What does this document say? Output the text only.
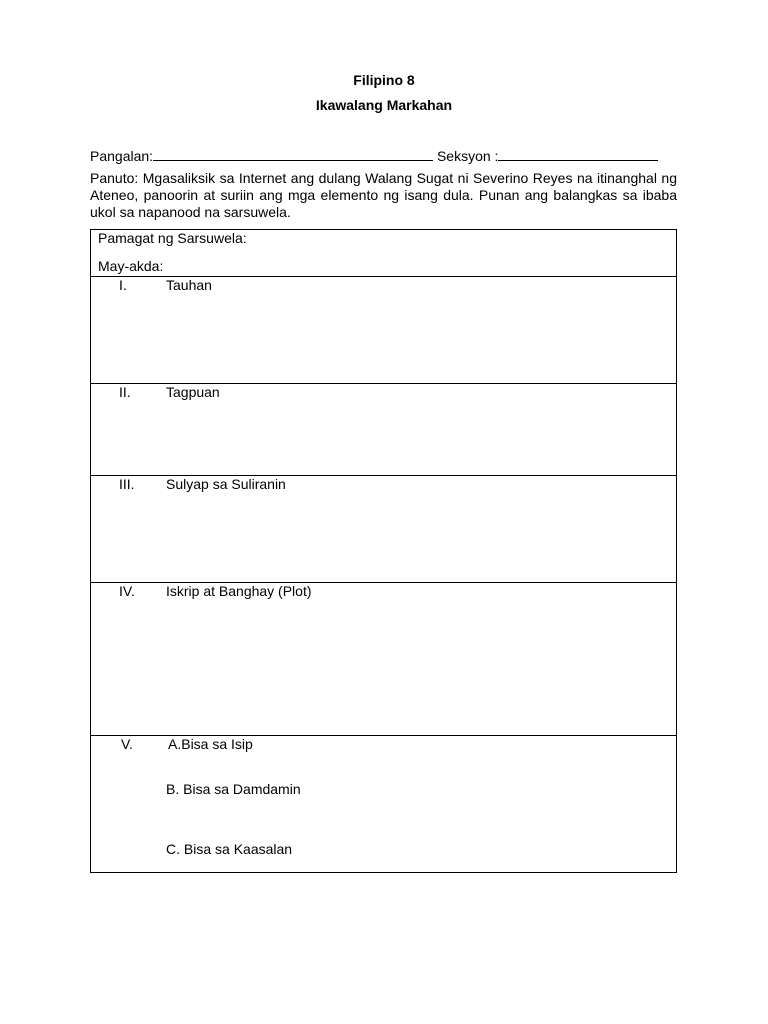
Filipino 8
Ikawalang Markahan
Pangalan:	Seksyon :
Panuto: Mgasaliksik sa Internet ang dulang Walang Sugat ni Severino Reyes na itinanghal ng Ateneo, panoorin at suriin ang mga elemento ng isang dula. Punan ang balangkas sa ibaba ukol sa napanood na sarsuwela.
Pamagat ng Sarsuwela:
May-akda:
I.	Tauhan
II.	Tagpuan
III. Sulyap sa Suliranin
IV. Iskrip at Banghay (Plot)
V.	A.Bisa sa Isip
B. Bisa sa Damdamin
C. Bisa sa Kaasalan
